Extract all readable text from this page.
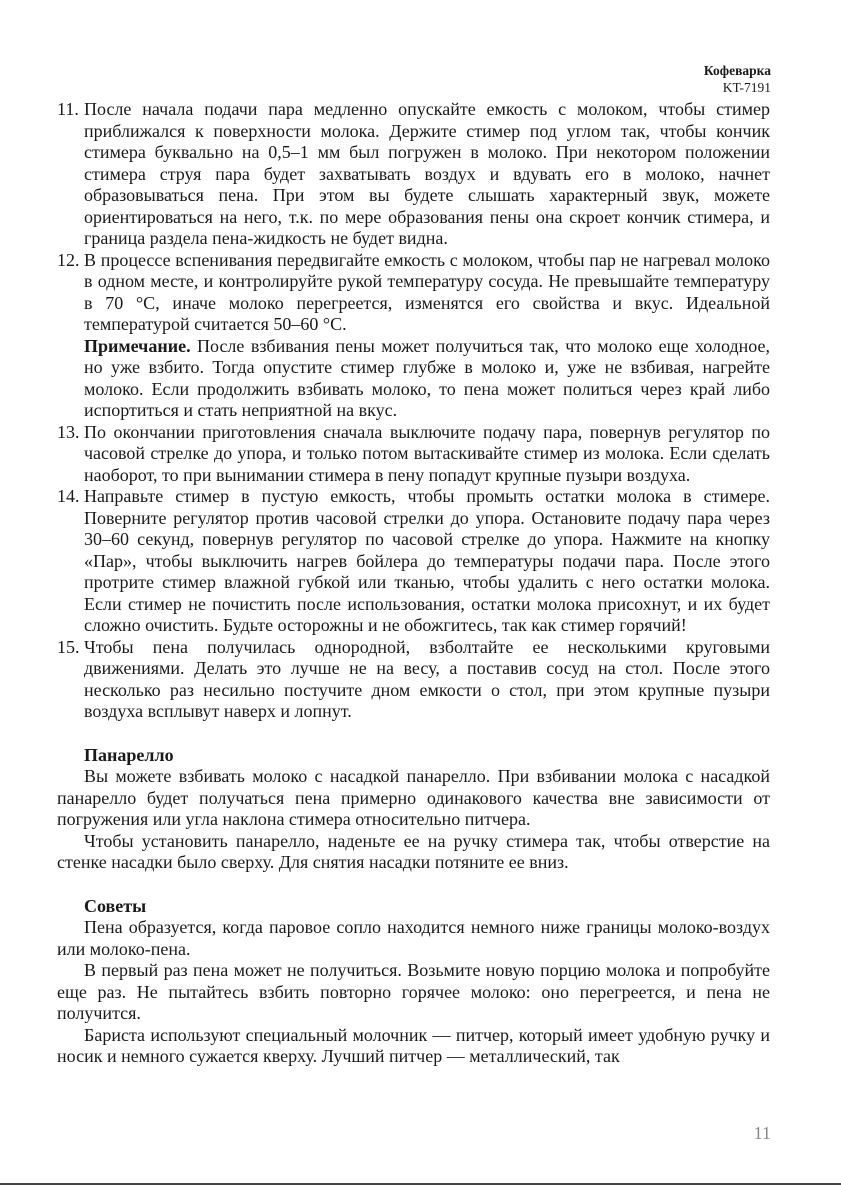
Кофеварка
KT-7191

11. После начала подачи пара медленно опускайте емкость с молоком, чтобы стимер приближался к поверхности молока. Держите стимер под углом так, чтобы кончик стимера буквально на 0,5–1 мм был погружен в молоко. При некотором положении стимера струя пара будет захватывать воздух и вдувать его в молоко, начнет образовываться пена. При этом вы будете слышать характерный звук, можете ориентироваться на него, т.к. по мере образования пены она скроет кончик стимера, и граница раздела пена-жидкость не будет видна.

12. В процессе вспенивания передвигайте емкость с молоком, чтобы пар не нагревал молоко в одном месте, и контролируйте рукой температуру сосуда. Не превышайте температуру в 70 °С, иначе молоко перегреется, изменятся его свойства и вкус. Идеальной температурой считается 50–60 °С.

Примечание. После взбивания пены может получиться так, что молоко еще холодное, но уже взбито. Тогда опустите стимер глубже в молоко и, уже не взбивая, нагрейте молоко. Если продолжить взбивать молоко, то пена может политься через край либо испортиться и стать неприятной на вкус.

13. По окончании приготовления сначала выключите подачу пара, повернув регулятор по часовой стрелке до упора, и только потом вытаскивайте стимер из молока. Если сделать наоборот, то при вынимании стимера в пену попадут крупные пузыри воздуха.

14. Направьте стимер в пустую емкость, чтобы промыть остатки молока в стимере. Поверните регулятор против часовой стрелки до упора. Остановите подачу пара через 30–60 секунд, повернув регулятор по часовой стрелке до упора. Нажмите на кнопку «Пар», чтобы выключить нагрев бойлера до температуры подачи пара. После этого протрите стимер влажной губкой или тканью, чтобы удалить с него остатки молока. Если стимер не почистить после использования, остатки молока присохнут, и их будет сложно очистить. Будьте осторожны и не обожгитесь, так как стимер горячий!

15. Чтобы пена получилась однородной, взболтайте ее несколькими круговыми движениями. Делать это лучше не на весу, а поставив сосуд на стол. После этого несколько раз несильно постучите дном емкости о стол, при этом крупные пузыри воздуха всплывут наверх и лопнут.

Панарелло

Вы можете взбивать молоко с насадкой панарелло. При взбивании молока с насадкой панарелло будет получаться пена примерно одинакового качества вне зависимости от погружения или угла наклона стимера относительно питчера.

Чтобы установить панарелло, наденьте ее на ручку стимера так, чтобы отверстие на стенке насадки было сверху. Для снятия насадки потяните ее вниз.

Советы

Пена образуется, когда паровое сопло находится немного ниже границы молоко-воздух или молоко-пена.

В первый раз пена может не получиться. Возьмите новую порцию молока и попробуйте еще раз. Не пытайтесь взбить повторно горячее молоко: оно перегреется, и пена не получится.

Бариста используют специальный молочник — питчер, который имеет удобную ручку и носик и немного сужается кверху. Лучший питчер — металлический, так

11
